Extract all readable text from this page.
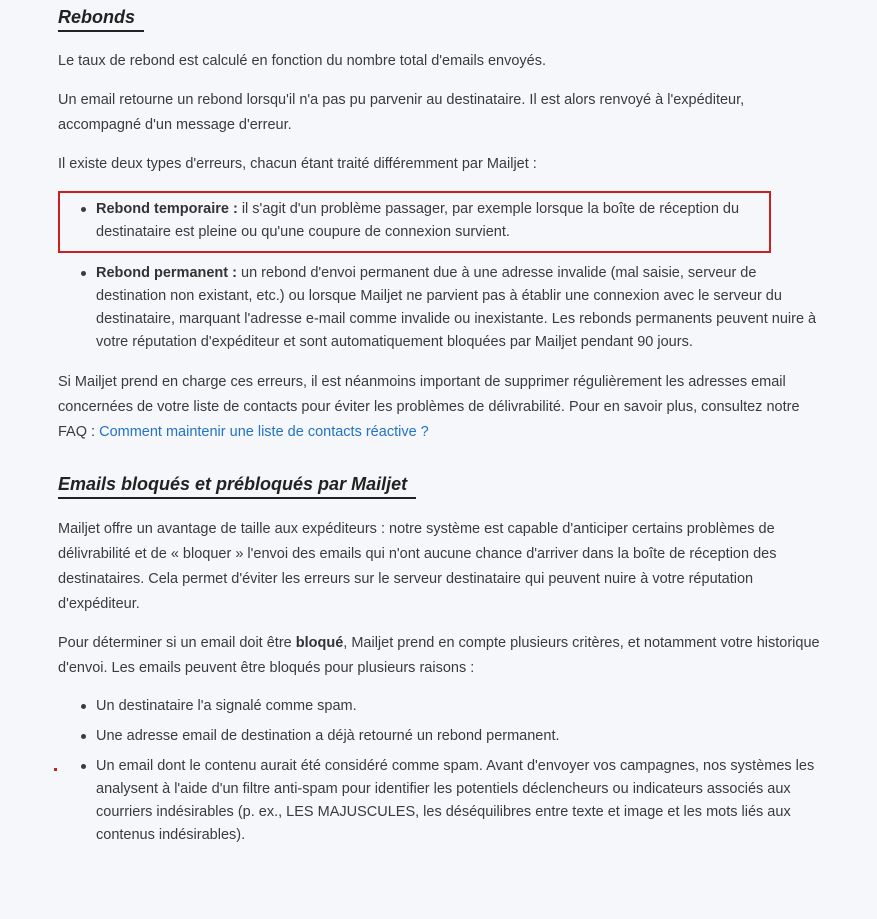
Rebonds

Le taux de rebond est calculé en fonction du nombre total d'emails envoyés.

Un email retourne un rebond lorsqu'il n'a pas pu parvenir au destinataire. Il est alors renvoyé à l'expéditeur, accompagné d'un message d'erreur.

Il existe deux types d'erreurs, chacun étant traité différemment par Mailjet :

Rebond temporaire : il s'agit d'un problème passager, par exemple lorsque la boîte de réception du destinataire est pleine ou qu'une coupure de connexion survient.
Rebond permanent : un rebond d'envoi permanent due à une adresse invalide (mal saisie, serveur de destination non existant, etc.) ou lorsque Mailjet ne parvient pas à établir une connexion avec le serveur du destinataire, marquant l'adresse e-mail comme invalide ou inexistante. Les rebonds permanents peuvent nuire à votre réputation d'expéditeur et sont automatiquement bloquées par Mailjet pendant 90 jours.

Si Mailjet prend en charge ces erreurs, il est néanmoins important de supprimer régulièrement les adresses email concernées de votre liste de contacts pour éviter les problèmes de délivrabilité. Pour en savoir plus, consultez notre FAQ : Comment maintenir une liste de contacts réactive ?

Emails bloqués et prébloqués par Mailjet

Mailjet offre un avantage de taille aux expéditeurs : notre système est capable d'anticiper certains problèmes de délivrabilité et de « bloquer » l'envoi des emails qui n'ont aucune chance d'arriver dans la boîte de réception des destinataires. Cela permet d'éviter les erreurs sur le serveur destinataire qui peuvent nuire à votre réputation d'expéditeur.

Pour déterminer si un email doit être bloqué, Mailjet prend en compte plusieurs critères, et notamment votre historique d'envoi. Les emails peuvent être bloqués pour plusieurs raisons :

Un destinataire l'a signalé comme spam.
Une adresse email de destination a déjà retourné un rebond permanent.
Un email dont le contenu aurait été considéré comme spam. Avant d'envoyer vos campagnes, nos systèmes les analysent à l'aide d'un filtre anti-spam pour identifier les potentiels déclencheurs ou indicateurs associés aux courriers indésirables (p. ex., LES MAJUSCULES, les déséquilibres entre texte et image et les mots liés aux contenus indésirables).
